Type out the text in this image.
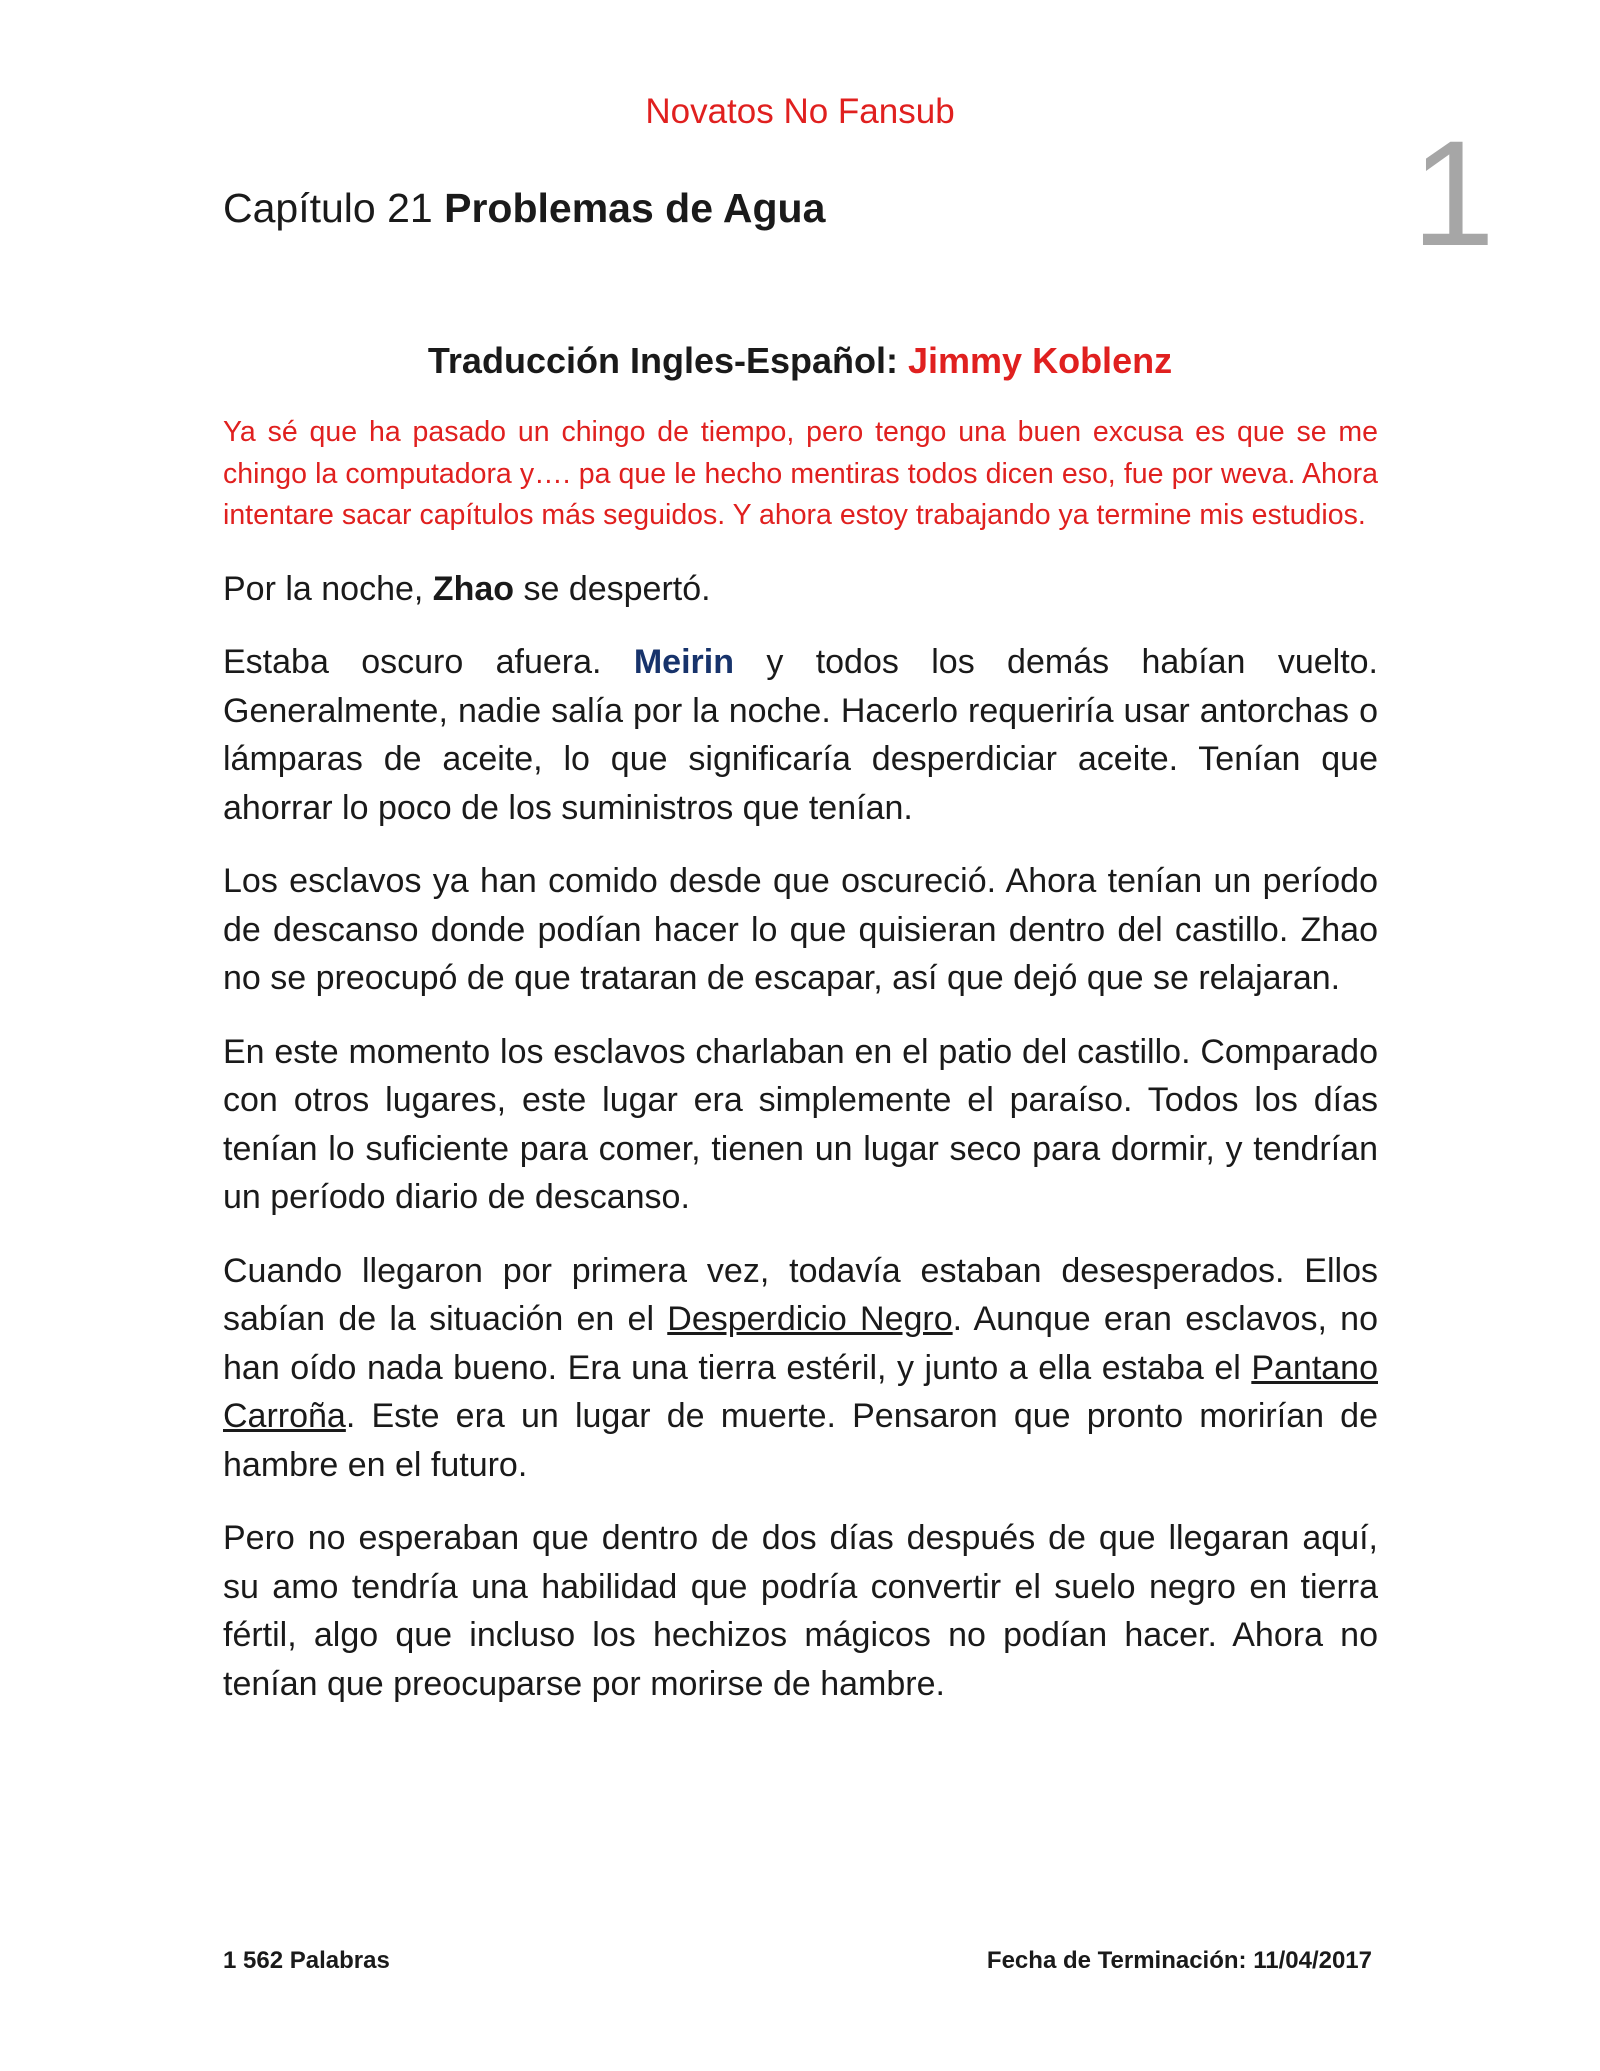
Novatos No Fansub	1
Capítulo 21 Problemas de Agua
Traducción Ingles-Español: Jimmy Koblenz

Ya sé que ha pasado un chingo de tiempo, pero tengo una buen excusa es que se me chingo la computadora y…. pa que le hecho mentiras todos dicen eso, fue por weva. Ahora intentare sacar capítulos más seguidos. Y ahora estoy trabajando ya termine mis estudios.

Por la noche, Zhao se despertó.

Estaba oscuro afuera. Meirin y todos los demás habían vuelto. Generalmente, nadie salía por la noche. Hacerlo requeriría usar antorchas o lámparas de aceite, lo que significaría desperdiciar aceite. Tenían que ahorrar lo poco de los suministros que tenían.

Los esclavos ya han comido desde que oscureció. Ahora tenían un período de descanso donde podían hacer lo que quisieran dentro del castillo. Zhao no se preocupó de que trataran de escapar, así que dejó que se relajaran.

En este momento los esclavos charlaban en el patio del castillo. Comparado con otros lugares, este lugar era simplemente el paraíso. Todos los días tenían lo suficiente para comer, tienen un lugar seco para dormir, y tendrían un período diario de descanso.

Cuando llegaron por primera vez, todavía estaban desesperados. Ellos sabían de la situación en el Desperdicio Negro. Aunque eran esclavos, no han oído nada bueno. Era una tierra estéril, y junto a ella estaba el Pantano Carroña. Este era un lugar de muerte. Pensaron que pronto morirían de hambre en el futuro.

Pero no esperaban que dentro de dos días después de que llegaran aquí, su amo tendría una habilidad que podría convertir el suelo negro en tierra fértil, algo que incluso los hechizos mágicos no podían hacer. Ahora no tenían que preocuparse por morirse de hambre.

1 562 Palabras	Fecha de Terminación: 11/04/2017
